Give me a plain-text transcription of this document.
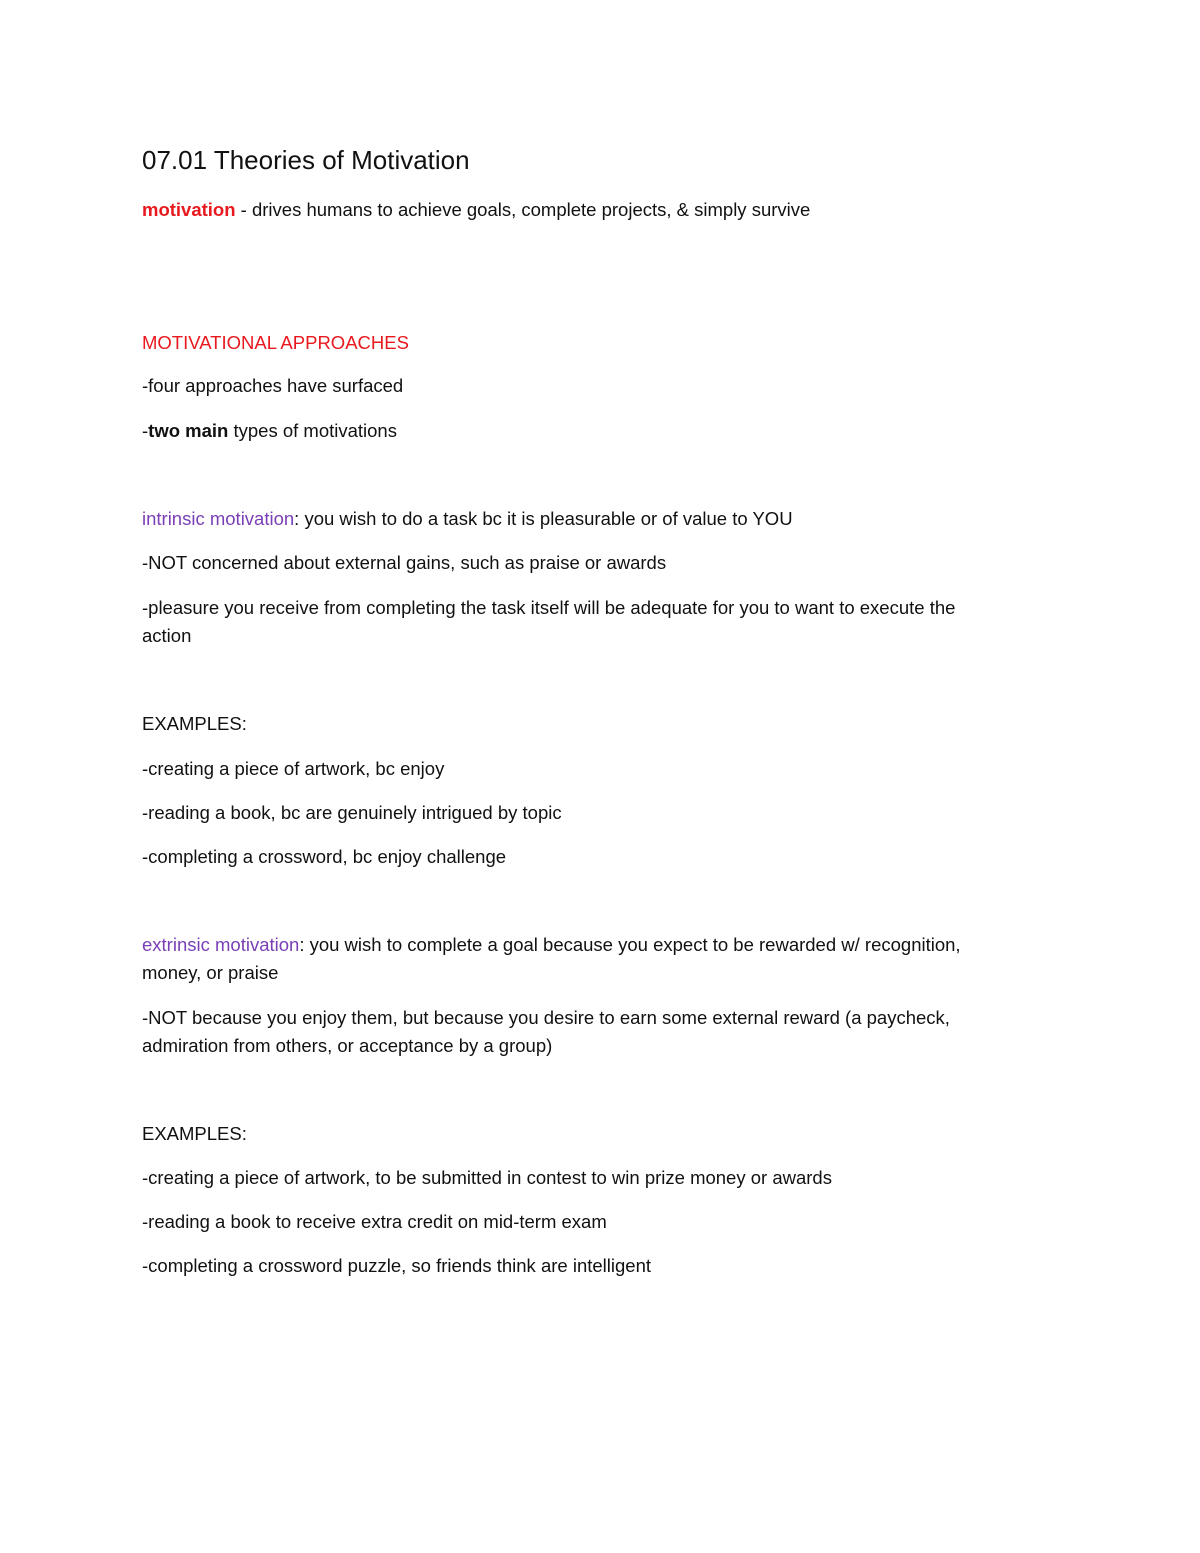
07.01 Theories of Motivation
motivation - drives humans to achieve goals, complete projects, & simply survive
MOTIVATIONAL APPROACHES
-four approaches have surfaced
-two main types of motivations
intrinsic motivation: you wish to do a task bc it is pleasurable or of value to YOU
-NOT concerned about external gains, such as praise or awards
-pleasure you receive from completing the task itself will be adequate for you to want to execute the
action
EXAMPLES:
-creating a piece of artwork, bc enjoy
-reading a book, bc are genuinely intrigued by topic
-completing a crossword, bc enjoy challenge
extrinsic motivation: you wish to complete a goal because you expect to be rewarded w/ recognition,
money, or praise
-NOT because you enjoy them, but because you desire to earn some external reward (a paycheck,
admiration from others, or acceptance by a group)
EXAMPLES:
-creating a piece of artwork, to be submitted in contest to win prize money or awards
-reading a book to receive extra credit on mid-term exam
-completing a crossword puzzle, so friends think are intelligent
